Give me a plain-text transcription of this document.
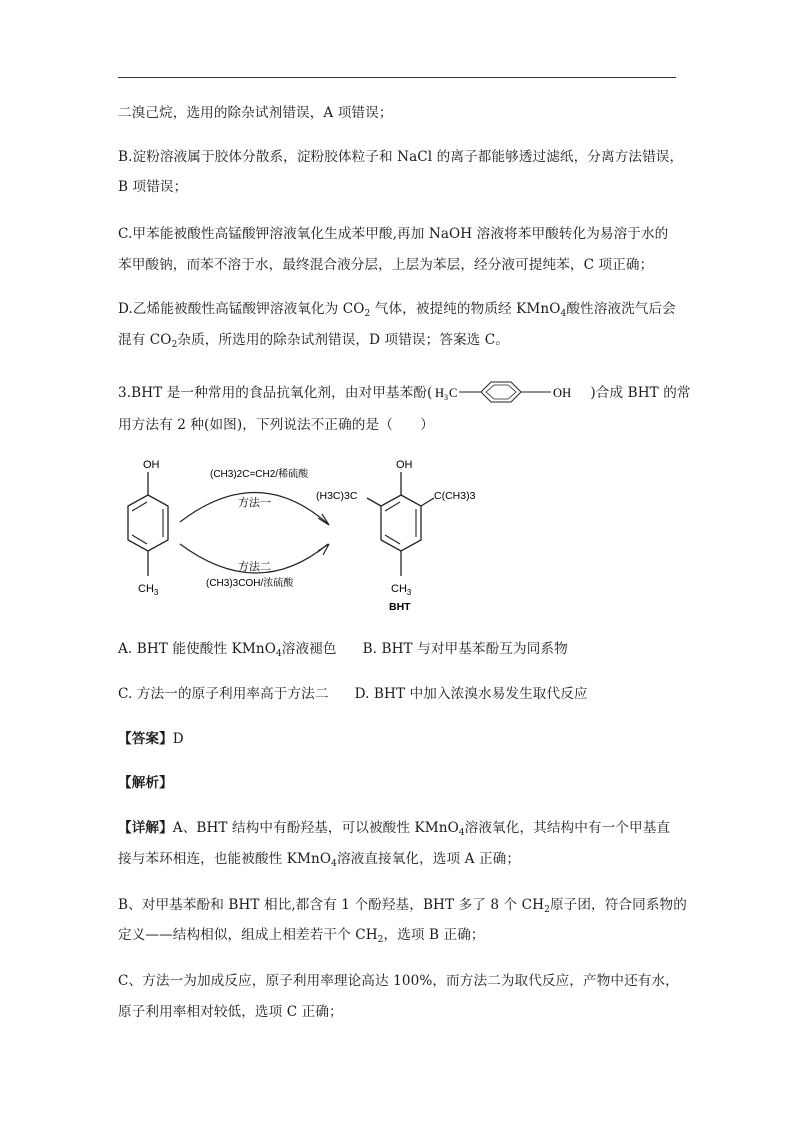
二溴己烷，选用的除杂试剂错误，A 项错误；
B.淀粉溶液属于胶体分散系，淀粉胶体粒子和 NaCl 的离子都能够透过滤纸，分离方法错误，
B 项错误；
C.甲苯能被酸性高锰酸钾溶液氧化生成苯甲酸,再加 NaOH 溶液将苯甲酸转化为易溶于水的
苯甲酸钠，而苯不溶于水，最终混合液分层，上层为苯层，经分液可提纯苯，C 项正确；
D.乙烯能被酸性高锰酸钾溶液氧化为 $CO_2$ 气体，被提纯的物质经 KMnO$_4$酸性溶液洗气后会
混有 $CO_2$杂质，所选用的除杂试剂错误，D 项错误；答案选 C。
3.BHT 是一种常用的食品抗氧化剂，由对甲基苯酚( H 3 C	OH )合成 BHT 的常
用方法有 2 种(如图)，下列说法不正确的是（　　）
OH
$CH_3$
(CH3)2C=CH2/稀硫酸
方法一
方法二
(CH3)3COH/浓硫酸
OH
(H3C)3C	C(CH3)3
$CH_3$
BHT
A. BHT 能使酸性 KMnO$_4$溶液褪色 B. BHT 与对甲基苯酚互为同系物
C. 方法一的原子利用率高于方法二 D. BHT 中加入浓溴水易发生取代反应
【答案】D
【解析】
【详解】A、BHT 结构中有酚羟基，可以被酸性 KMnO$_4$溶液氧化，其结构中有一个甲基直
接与苯环相连，也能被酸性 KMnO$_4$溶液直接氧化，选项 A 正确；
B、对甲基苯酚和 BHT 相比,都含有 1 个酚羟基，BHT 多了 8 个 $CH_2$原子团，符合同系物的
定义——结构相似，组成上相差若干个 $CH_2$，选项 B 正确；
C、方法一为加成反应，原子利用率理论高达 100%，而方法二为取代反应，产物中还有水，
原子利用率相对较低，选项 C 正确；
